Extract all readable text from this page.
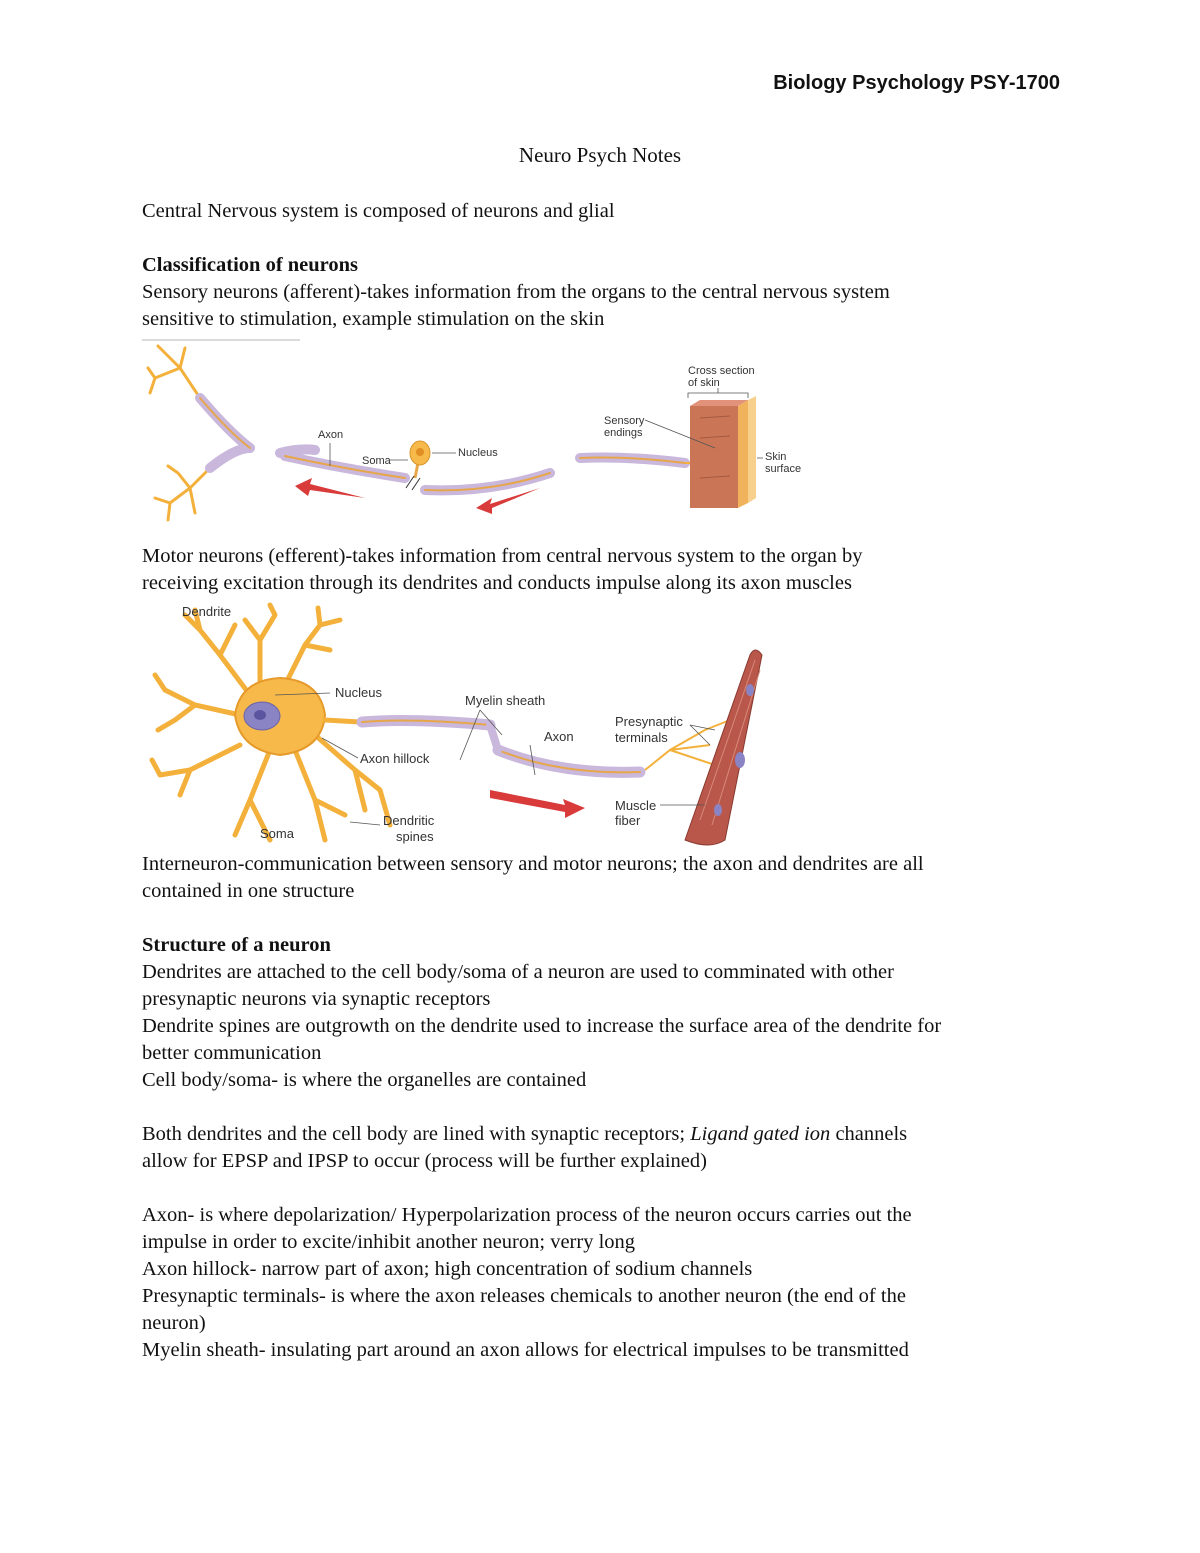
Biology Psychology PSY-1700
Neuro Psych Notes

Central Nervous system is composed of neurons and glial

Classification of neurons

Sensory neurons (afferent)-takes information from the organs to the central nervous system

sensitive to stimulation, example stimulation on the skin

Axon
Soma
Nucleus
Sensory
endings
Cross section
of skin
Skin
surface

Motor neurons (efferent)-takes information from central nervous system to the organ by

receiving excitation through its dendrites and conducts impulse along its axon muscles

Dendrite
Nucleus
Axon hillock
Soma
Dendritic
spines
Myelin sheath
Axon
Presynaptic
terminals
Muscle
fiber

Interneuron-communication between sensory and motor neurons; the axon and dendrites are all

contained in one structure

Structure of a neuron

Dendrites are attached to the cell body/soma of a neuron are used to comminated with other

presynaptic neurons via synaptic receptors

Dendrite spines are outgrowth on the dendrite used to increase the surface area of the dendrite for

better communication

Cell body/soma- is where the organelles are contained

Both dendrites and the cell body are lined with synaptic receptors; Ligand gated ion channels

allow for EPSP and IPSP to occur (process will be further explained)

Axon- is where depolarization/ Hyperpolarization process of the neuron occurs carries out the

impulse in order to excite/inhibit another neuron; verry long

Axon hillock- narrow part of axon; high concentration of sodium channels

Presynaptic terminals- is where the axon releases chemicals to another neuron (the end of the

neuron)

Myelin sheath- insulating part around an axon allows for electrical impulses to be transmitted
